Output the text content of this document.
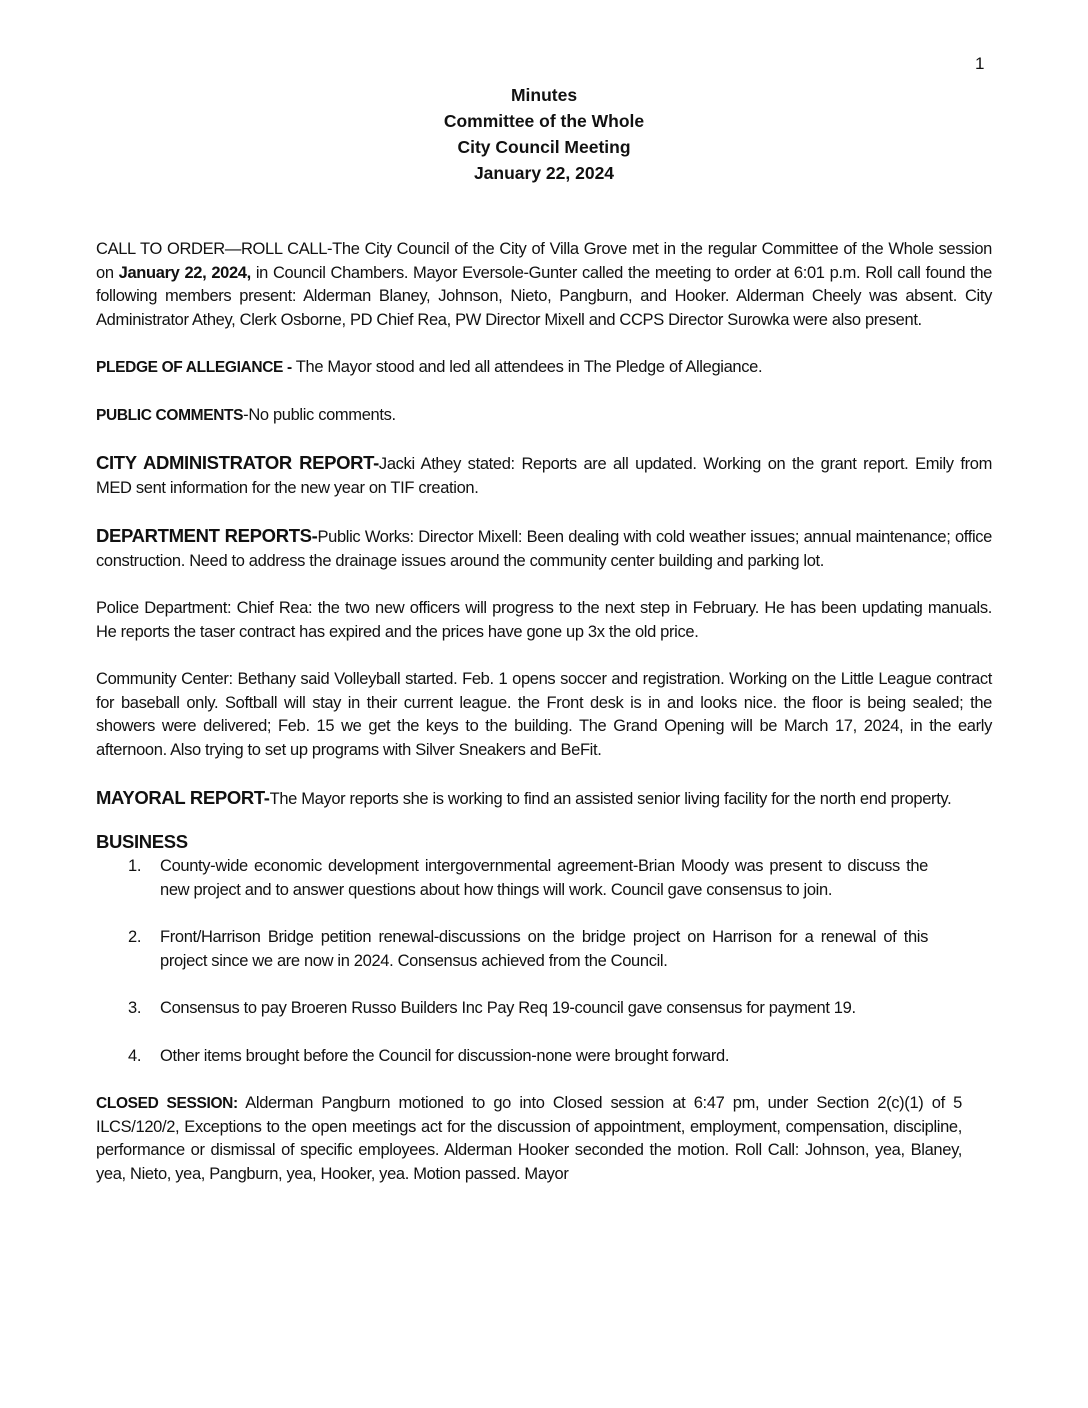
1
Minutes
Committee of the Whole
City Council Meeting
January 22, 2024

CALL TO ORDER—ROLL CALL-The City Council of the City of Villa Grove met in the regular Committee of the Whole session on January 22, 2024, in Council Chambers. Mayor Eversole-Gunter called the meeting to order at 6:01 p.m. Roll call found the following members present: Alderman Blaney, Johnson, Nieto, Pangburn, and Hooker. Alderman Cheely was absent. City Administrator Athey, Clerk Osborne, PD Chief Rea, PW Director Mixell and CCPS Director Surowka were also present.

PLEDGE OF ALLEGIANCE - The Mayor stood and led all attendees in The Pledge of Allegiance.

PUBLIC COMMENTS-No public comments.

CITY ADMINISTRATOR REPORT-Jacki Athey stated: Reports are all updated. Working on the grant report. Emily from MED sent information for the new year on TIF creation.

DEPARTMENT REPORTS-Public Works: Director Mixell: Been dealing with cold weather issues; annual maintenance; office construction. Need to address the drainage issues around the community center building and parking lot.

Police Department: Chief Rea: the two new officers will progress to the next step in February. He has been updating manuals. He reports the taser contract has expired and the prices have gone up 3x the old price.

Community Center: Bethany said Volleyball started. Feb. 1 opens soccer and registration. Working on the Little League contract for baseball only. Softball will stay in their current league. the Front desk is in and looks nice. the floor is being sealed; the showers were delivered; Feb. 15 we get the keys to the building. The Grand Opening will be March 17, 2024, in the early afternoon. Also trying to set up programs with Silver Sneakers and BeFit.

MAYORAL REPORT-The Mayor reports she is working to find an assisted senior living facility for the north end property.

BUSINESS
1. County-wide economic development intergovernmental agreement-Brian Moody was present to discuss the new project and to answer questions about how things will work. Council gave consensus to join.
2. Front/Harrison Bridge petition renewal-discussions on the bridge project on Harrison for a renewal of this project since we are now in 2024. Consensus achieved from the Council.
3. Consensus to pay Broeren Russo Builders Inc Pay Req 19-council gave consensus for payment 19.
4. Other items brought before the Council for discussion-none were brought forward.

CLOSED SESSION: Alderman Pangburn motioned to go into Closed session at 6:47 pm, under Section 2(c)(1) of 5 ILCS/120/2, Exceptions to the open meetings act for the discussion of appointment, employment, compensation, discipline, performance or dismissal of specific employees. Alderman Hooker seconded the motion. Roll Call: Johnson, yea, Blaney, yea, Nieto, yea, Pangburn, yea, Hooker, yea. Motion passed. Mayor
